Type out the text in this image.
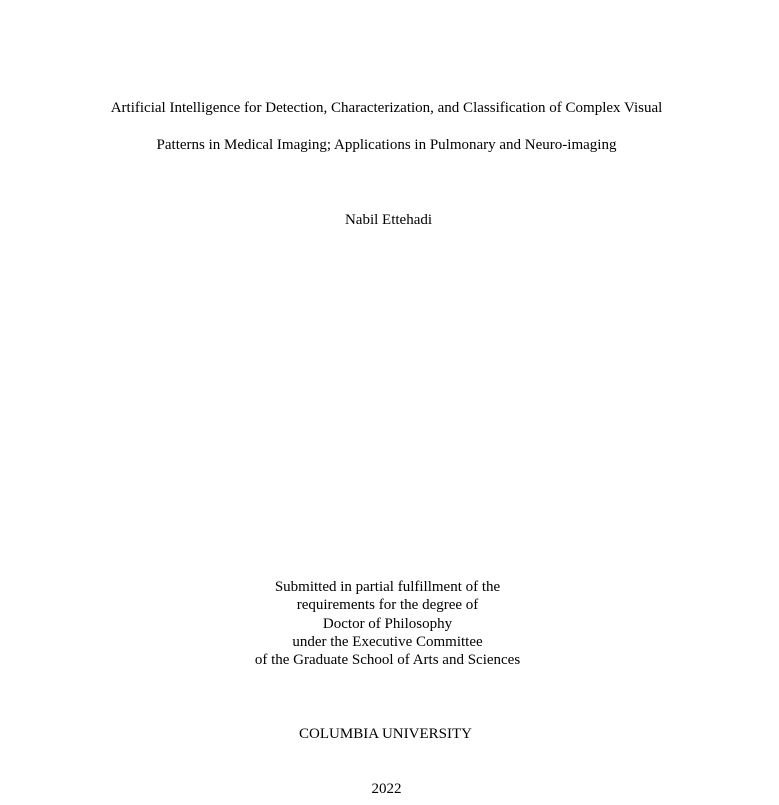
Artificial Intelligence for Detection, Characterization, and Classification of Complex Visual
Patterns in Medical Imaging; Applications in Pulmonary and Neuro-imaging
Nabil Ettehadi
Submitted in partial fulfillment of the
requirements for the degree of
Doctor of Philosophy
under the Executive Committee
of the Graduate School of Arts and Sciences
COLUMBIA UNIVERSITY
2022
